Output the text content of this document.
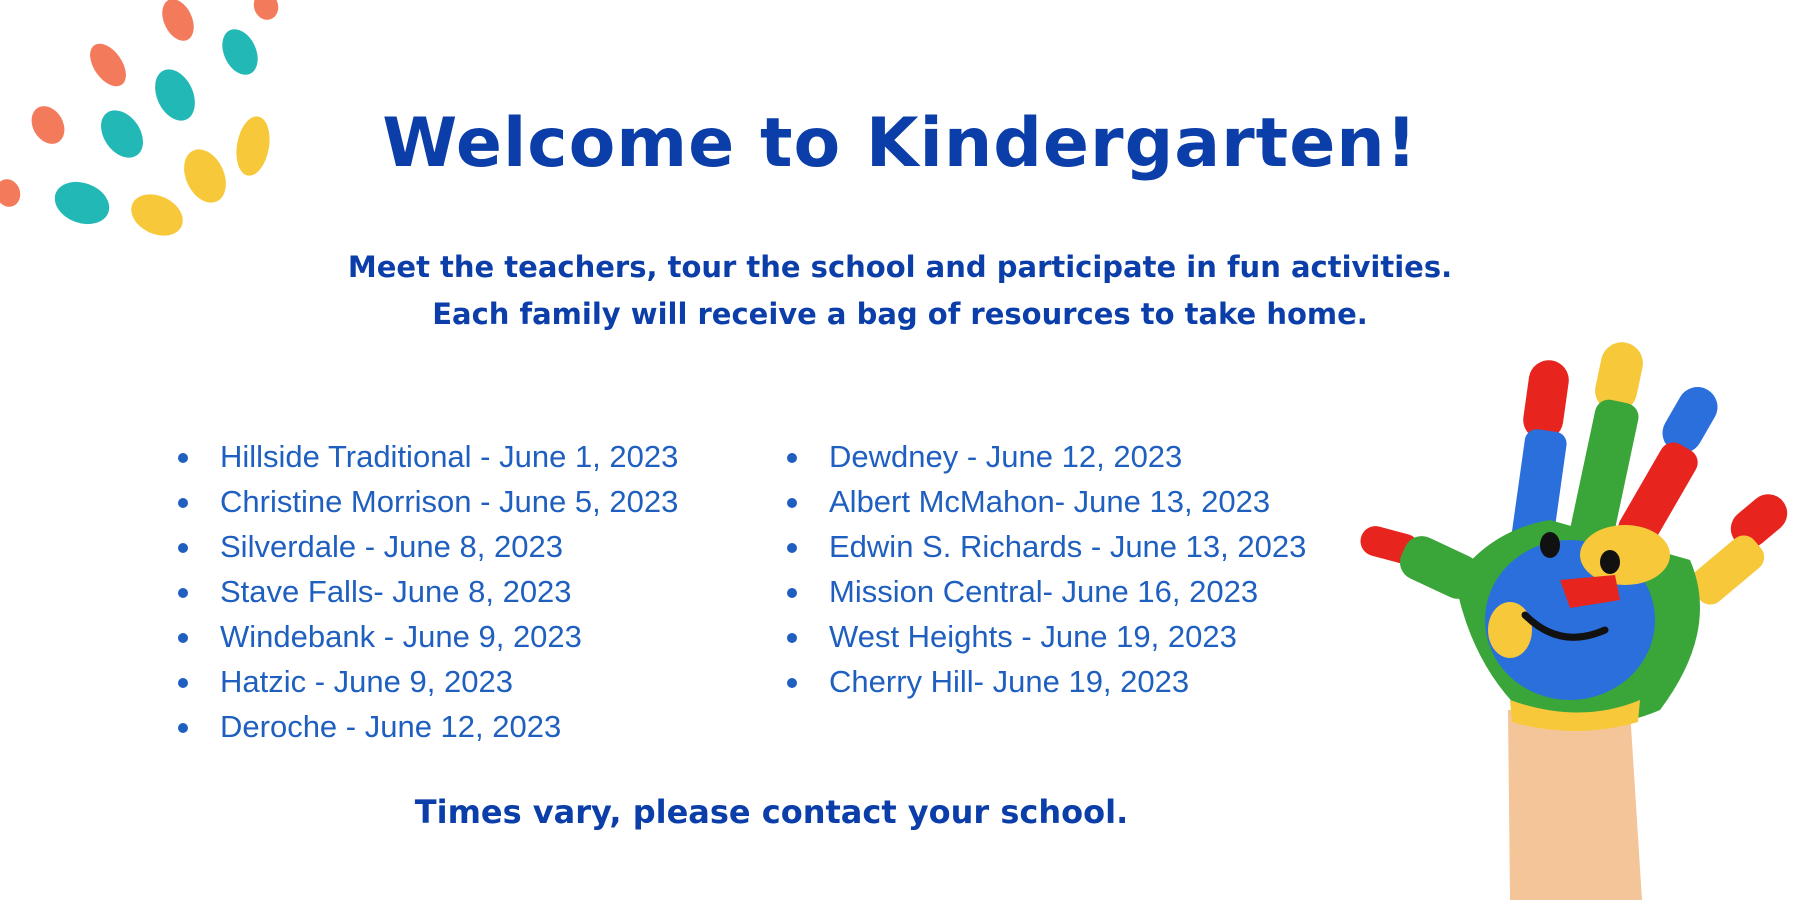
Welcome to Kindergarten!
Meet the teachers, tour the school and participate in fun activities.
Each family will receive a bag of resources to take home.
Hillside Traditional - June 1, 2023
Christine Morrison - June 5, 2023
Silverdale - June 8, 2023
Stave Falls- June 8, 2023
Windebank - June 9, 2023
Hatzic - June 9, 2023
Deroche - June 12, 2023
Dewdney - June 12, 2023
Albert McMahon- June 13, 2023
Edwin S. Richards - June 13, 2023
Mission Central- June 16, 2023
West Heights - June 19, 2023
Cherry Hill- June 19, 2023
Times vary, please contact your school.
